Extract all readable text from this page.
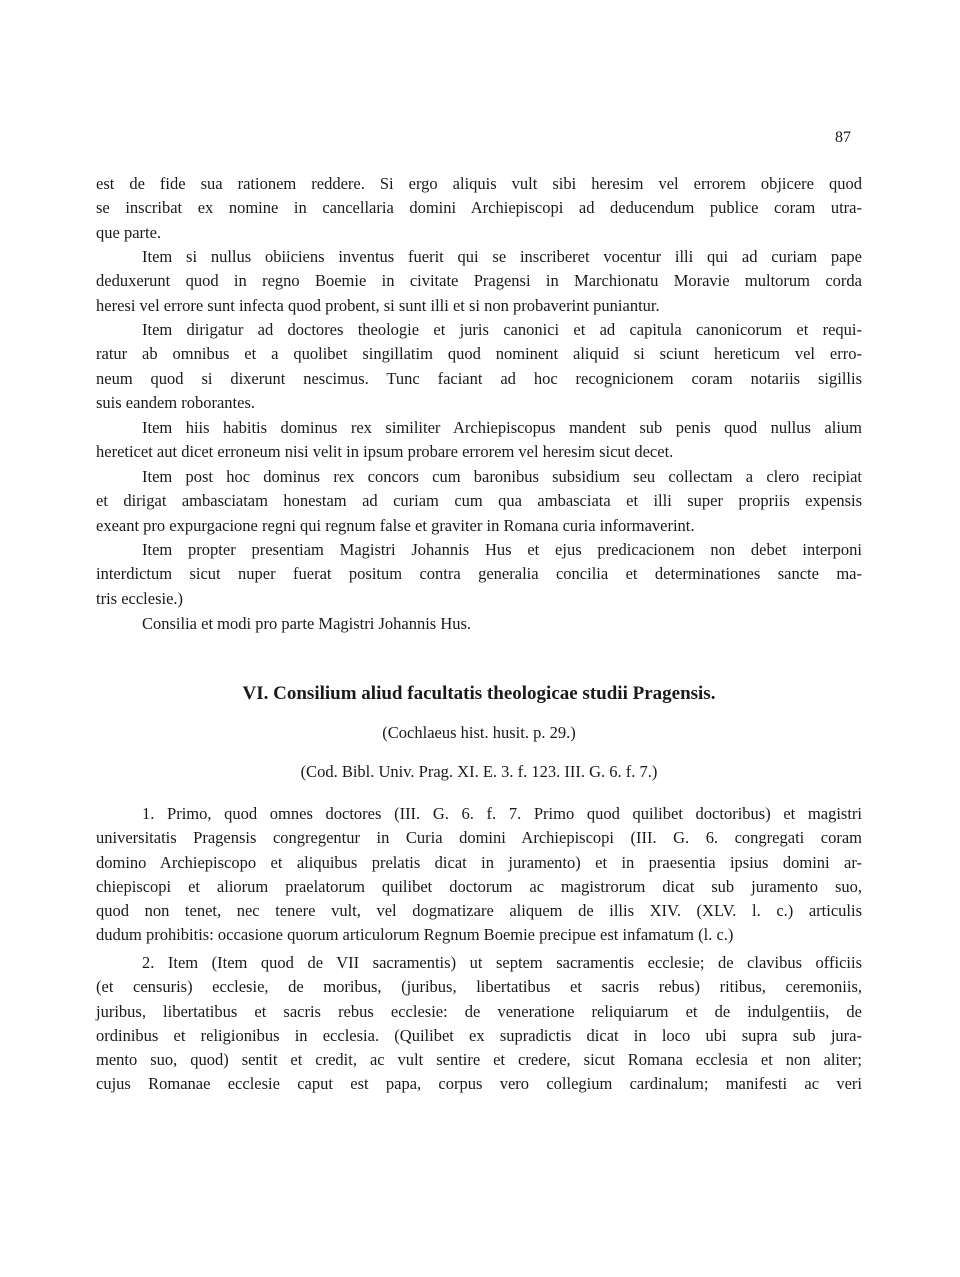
87
est de fide sua rationem reddere. Si ergo aliquis vult sibi heresim vel errorem objicere quod
se inscribat ex nomine in cancellaria domini Archiepiscopi ad deducendum publice coram utra-
que parte.
Item si nullus obiiciens inventus fuerit qui se inscriberet vocentur illi qui ad curiam pape
deduxerunt quod in regno Boemie in civitate Pragensi in Marchionatu Moravie multorum corda
heresi vel errore sunt infecta quod probent, si sunt illi et si non probaverint puniantur.
Item dirigatur ad doctores theologie et juris canonici et ad capitula canonicorum et requi-
ratur ab omnibus et a quolibet singillatim quod nominent aliquid si sciunt hereticum vel erro-
neum quod si dixerunt nescimus. Tunc faciant ad hoc recognicionem coram notariis sigillis
suis eandem roborantes.
Item hiis habitis dominus rex similiter Archiepiscopus mandent sub penis quod nullus alium
hereticet aut dicet erroneum nisi velit in ipsum probare errorem vel heresim sicut decet.
Item post hoc dominus rex concors cum baronibus subsidium seu collectam a clero recipiat
et dirigat ambasciatam honestam ad curiam cum qua ambasciata et illi super propriis expensis
exeant pro expurgacione regni qui regnum false et graviter in Romana curia informaverint.
Item propter presentiam Magistri Johannis Hus et ejus predicacionem non debet interponi
interdictum sicut nuper fuerat positum contra generalia concilia et determinationes sancte ma-
tris ecclesie.)
Consilia et modi pro parte Magistri Johannis Hus.
VI. Consilium aliud facultatis theologicae studii Pragensis.
(Cochlaeus hist. husit. p. 29.)
(Cod. Bibl. Univ. Prag. XI. E. 3. f. 123. III. G. 6. f. 7.)
1. Primo, quod omnes doctores (III. G. 6. f. 7. Primo quod quilibet doctoribus) et magistri
universitatis Pragensis congregentur in Curia domini Archiepiscopi (III. G. 6. congregati coram
domino Archiepiscopo et aliquibus prelatis dicat in juramento) et in praesentia ipsius domini ar-
chiepiscopi et aliorum praelatorum quilibet doctorum ac magistrorum dicat sub juramento suo,
quod non tenet, nec tenere vult, vel dogmatizare aliquem de illis XIV. (XLV. l. c.) articulis
dudum prohibitis: occasione quorum articulorum Regnum Boemie precipue est infamatum (l. c.)
2. Item (Item quod de VII sacramentis) ut septem sacramentis ecclesie; de clavibus officiis
(et censuris) ecclesie, de moribus, (juribus, libertatibus et sacris rebus) ritibus, ceremoniis,
juribus, libertatibus et sacris rebus ecclesie: de veneratione reliquiarum et de indulgentiis, de
ordinibus et religionibus in ecclesia. (Quilibet ex supradictis dicat in loco ubi supra sub jura-
mento suo, quod) sentit et credit, ac vult sentire et credere, sicut Romana ecclesia et non aliter;
cujus Romanae ecclesie caput est papa, corpus vero collegium cardinalum; manifesti ac veri
